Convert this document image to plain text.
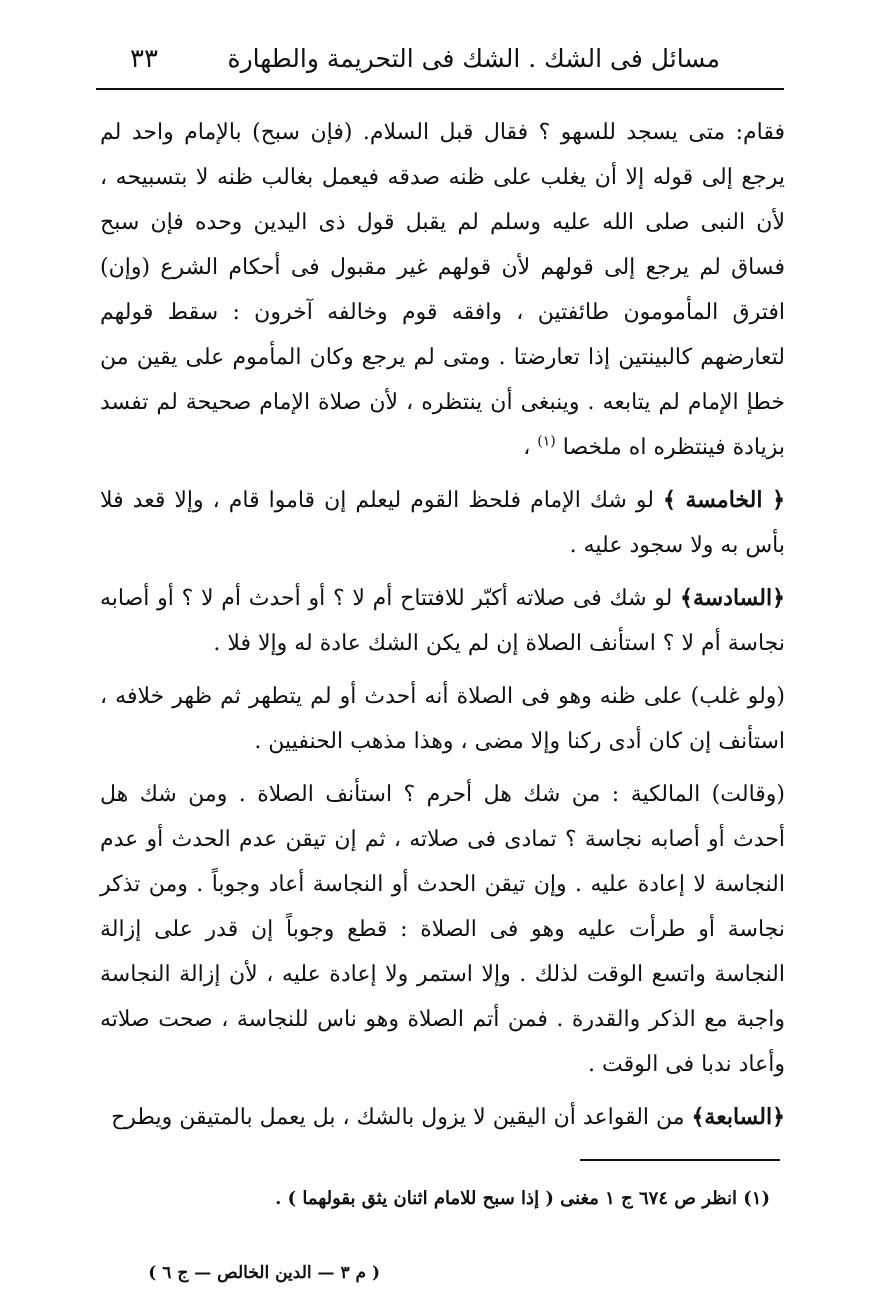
مسائل فى الشك . الشك فى التحريمة والطهارة
٣٣

فقام: متى يسجد للسهو ؟ فقال قبل السلام. (فإن سبح) بالإمام واحد لم يرجع إلى قوله إلا أن يغلب على ظنه صدقه فيعمل بغالب ظنه لا بتسبيحه ، لأن النبى صلى الله عليه وسلم لم يقبل قول ذى اليدين وحده فإن سبح فساق لم يرجع إلى قولهم لأن قولهم غير مقبول فى أحكام الشرع (وإن) افترق المأمومون طائفتين ، وافقه قوم وخالفه آخرون : سقط قولهم لتعارضهم كالبينتين إذا تعارضتا . ومتى لم يرجع وكان المأموم على يقين من خطإ الإمام لم يتابعه . وينبغى أن ينتظره ، لأن صلاة الإمام صحيحة لم تفسد بزيادة فينتظره اه ملخصا $^{(١)}$ ،

﴿ الخامسة ﴾ لو شك الإمام فلحظ القوم ليعلم إن قاموا قام ، وإلا قعد فلا بأس به ولا سجود عليه .

﴿السادسة﴾ لو شك فى صلاته أكبّر للافتتاح أم لا ؟ أو أحدث أم لا ؟ أو أصابه نجاسة أم لا ؟ استأنف الصلاة إن لم يكن الشك عادة له وإلا فلا .

(ولو غلب) على ظنه وهو فى الصلاة أنه أحدث أو لم يتطهر ثم ظهر خلافه ، استأنف إن كان أدى ركنا وإلا مضى ، وهذا مذهب الحنفيين .

(وقالت) المالكية : من شك هل أحرم ؟ استأنف الصلاة . ومن شك هل أحدث أو أصابه نجاسة ؟ تمادى فى صلاته ، ثم إن تيقن عدم الحدث أو عدم النجاسة لا إعادة عليه . وإن تيقن الحدث أو النجاسة أعاد وجوباً . ومن تذكر نجاسة أو طرأت عليه وهو فى الصلاة : قطع وجوباً إن قدر على إزالة النجاسة واتسع الوقت لذلك . وإلا استمر ولا إعادة عليه ، لأن إزالة النجاسة واجبة مع الذكر والقدرة . فمن أتم الصلاة وهو ناس للنجاسة ، صحت صلاته وأعاد ندبا فى الوقت .

﴿السابعة﴾ من القواعد أن اليقين لا يزول بالشك ، بل يعمل بالمتيقن ويطرح

(١) انظر ص ٦٧٤ ج ١ مغنى ( إذا سبح للامام اثنان يثق بقولهما ) .
( م ٣ — الدين الخالص — ج ٦ )
